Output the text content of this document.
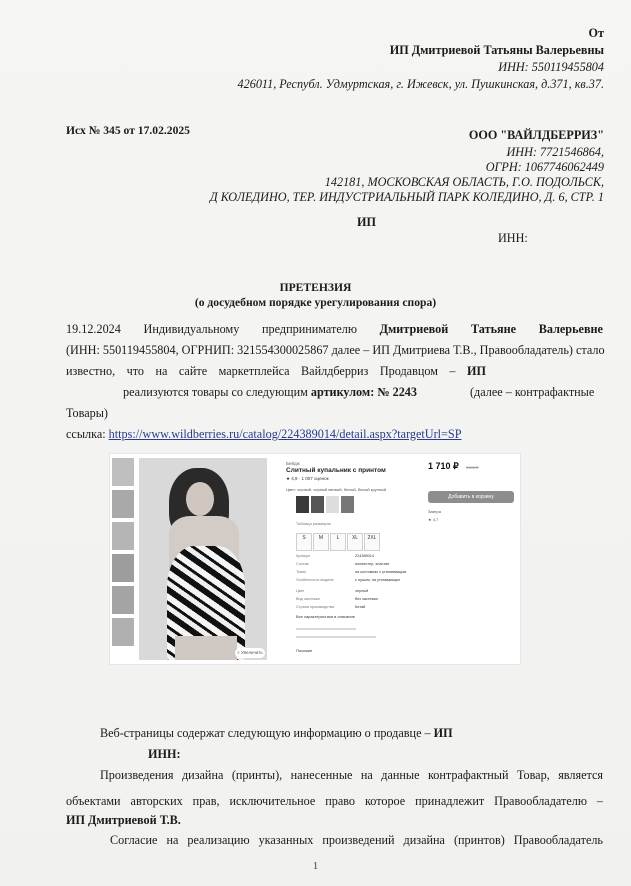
От
ИП Дмитриевой Татьяны Валерьевны
ИНН: 550119455804
426011, Республ. Удмуртская, г. Ижевск, ул. Пушкинская, д.371, кв.37.
Исх № 345 от 17.02.2025	ООО "ВАЙЛДБЕРРИЗ"
ИНН: 7721546864,
ОГРН: 1067746062449
142181, МОСКОВСКАЯ ОБЛАСТЬ, Г.О. ПОДОЛЬСК,
Д КОЛЕДИНО, ТЕР. ИНДУСТРИАЛЬНЫЙ ПАРК КОЛЕДИНО, Д. 6, СТР. 1
ИП
ИНН:
ПРЕТЕНЗИЯ
(о досудебном порядке урегулирования спора)
19.12.2024 Индивидуальному предпринимателю Дмитриевой Татьяне Валерьевне
(ИНН: 550119455804, ОГРНИП: 321554300025867 далее – ИП Дмитриева Т.В., Правообладатель) стало
известно, что на сайте маркетплейса Вайлдберриз Продавцом – ИП
реализуются товары со следующим артикулом: № 2243	(далее – контрафактные
Товары)
ссылка: https://www.wildberries.ru/catalog/224389014/detail.aspx?targetUrl=SP
⌕ Увеличить
Бейдж
Слитный купальник с принтом
★ 4,9 · 1 007 оценок
Цвет: черный, черный мелкий, белый, белый крупный
Таблица размеров
S	M	L	XL	2XL
Артикул	224389014
Состав	полиэстер, эластан
Ткань	на костомках с утягивающим
Особенности модели	с пушом, на утягивающих
Цвет	черный
Вид застежки	без застежки
Страна производства	Китай
Все характеристики и описание
Похожие
1 710 ₽ 1985 ₽
Добавить в корзину
Завтра
★ 4,7
Веб-страницы содержат следующую информацию о продавце – ИП
ИНН:
Произведения дизайна (принты), нанесенные на данные контрафактный Товар, является
объектами авторских прав, исключительное право которое принадлежит Правообладателю –
ИП Дмитриевой Т.В.
Согласие на реализацию указанных произведений дизайна (принтов) Правообладатель
1
